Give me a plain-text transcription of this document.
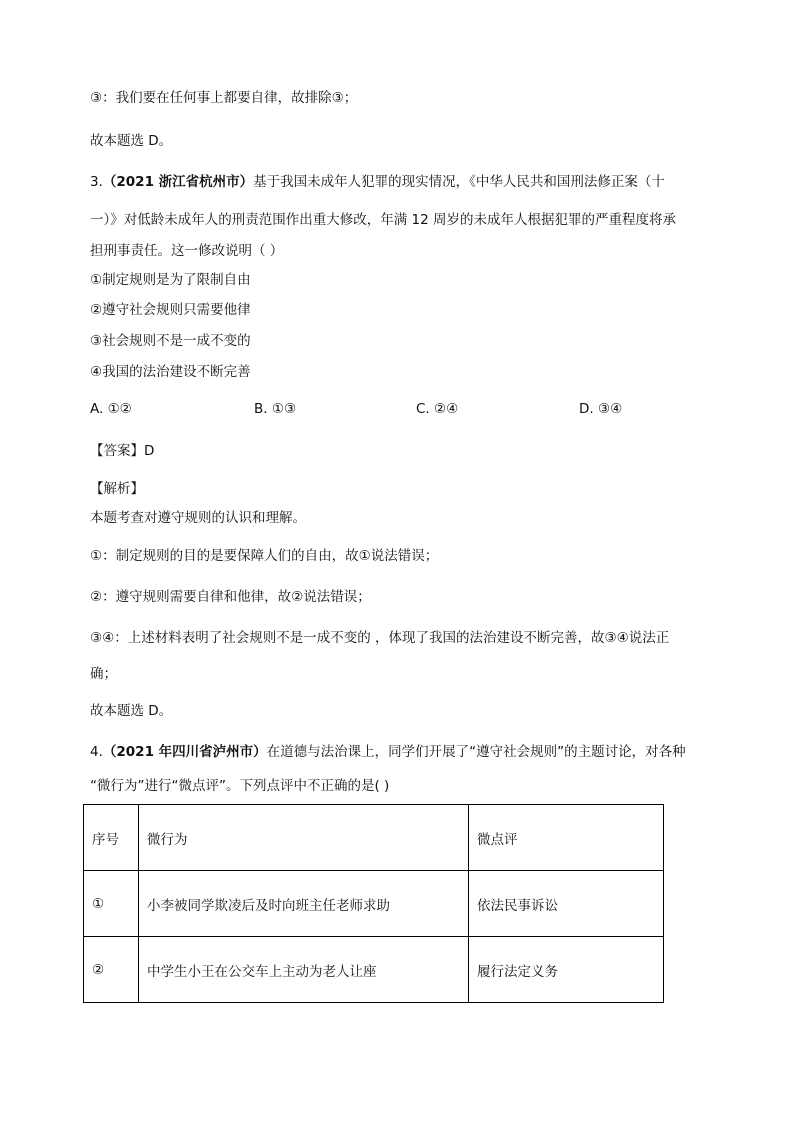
③：我们要在任何事上都要自律，故排除③；
故本题选 D。
3.（2021 浙江省杭州市）基于我国未成年人犯罪的现实情况，《中华人民共和国刑法修正案（十
一）》对低龄未成年人的刑责范围作出重大修改，年满 12 周岁的未成年人根据犯罪的严重程度将承
担刑事责任。这一修改说明（ ）
①制定规则是为了限制自由
②遵守社会规则只需要他律
③社会规则不是一成不变的
④我国的法治建设不断完善
A. ①②	B. ①③	C. ②④	D. ③④
【答案】D
【解析】
本题考查对遵守规则的认识和理解。
①：制定规则的目的是要保障人们的自由，故①说法错误；
②：遵守规则需要自律和他律，故②说法错误；
③④：上述材料表明了社会规则不是一成不变的 ，体现了我国的法治建设不断完善，故③④说法正
确；
故本题选 D。
4.（2021 年四川省泸州市）在道德与法治课上，同学们开展了“遵守社会规则”的主题讨论，对各种
“微行为”进行“微点评”。下列点评中不正确的是( )
序号	微行为	微点评
①	小李被同学欺凌后及时向班主任老师求助	依法民事诉讼
②	中学生小王在公交车上主动为老人让座	履行法定义务
